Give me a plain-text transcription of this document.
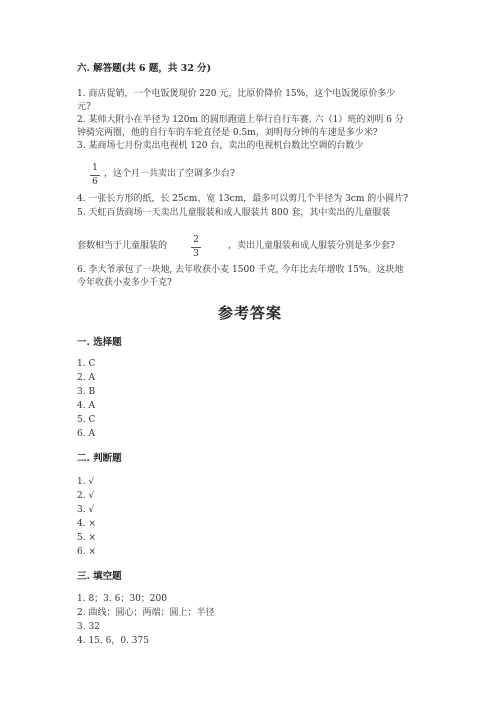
六. 解答题(共 6 题，共 32 分)
1. 商店促销，一个电饭煲现价 220 元，比原价降价 15%，这个电饭煲原价多少
元?
2. 某师大附小在半径为 120m 的圆形跑道上举行自行车赛. 六（1）班的刘明 6 分
钟骑完两圈，他的自行车的车轮直径是 0.5m，刘明每分钟的车速是多少米?
3. 某商场七月份卖出电视机 120 台，卖出的电视机台数比空调的台数少
$\frac{1}{6}$ ，这个月一共卖出了空调多少台?
4. 一张长方形的纸，长 25cm、宽 13cm，最多可以剪几个半径为 3cm 的小圆片?
5. 天虹百货商场一天卖出儿童服装和成人服装共 800 套，其中卖出的儿童服装
套数相当于儿童服装的	$\frac{2}{3}$	，卖出儿童服装和成人服装分别是多少套?
6. 李大爷承包了一块地, 去年收获小麦 1500 千克, 今年比去年增收 15%。这块地
今年收获小麦多少千克?
参考答案
一. 选择题
1. C
2. A
3. B
4. A
5. C
6. A
二. 判断题
1. √
2. √
3. √
4. ×
5. ×
6. ×
三. 填空题
1. 8；3. 6；30；200
2. 曲线；圆心；两端；圆上；半径
3. 32
4. 15. 6，0. 375
